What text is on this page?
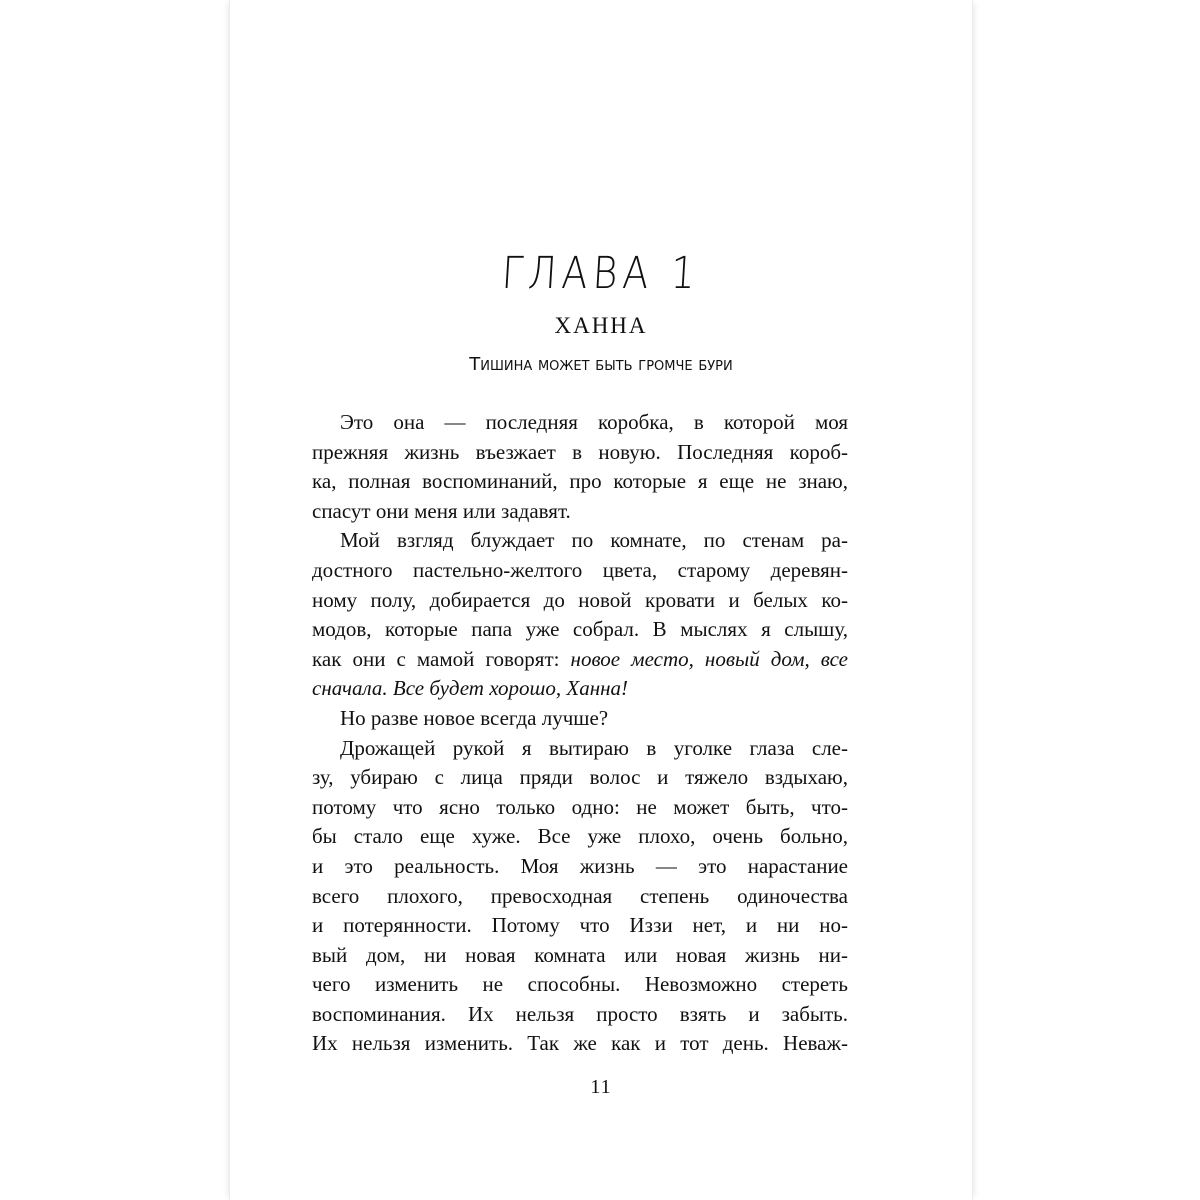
ГЛАВА 1
ХАННА
Тишина может быть громче бури
Это она — последняя коробка, в которой моя
прежняя жизнь въезжает в новую. Последняя короб-
ка, полная воспоминаний, про которые я еще не знаю,
спасут они меня или задавят.
Мой взгляд блуждает по комнате, по стенам ра-
достного пастельно-желтого цвета, старому деревян-
ному полу, добирается до новой кровати и белых ко-
модов, которые папа уже собрал. В мыслях я слышу,
как они с мамой говорят: новое место, новый дом, все
сначала. Все будет хорошо, Ханна!
Но разве новое всегда лучше?
Дрожащей рукой я вытираю в уголке глаза сле-
зу, убираю с лица пряди волос и тяжело вздыхаю,
потому что ясно только одно: не может быть, что-
бы стало еще хуже. Все уже плохо, очень больно,
и это реальность. Моя жизнь — это нарастание
всего плохого, превосходная степень одиночества
и потерянности. Потому что Иззи нет, и ни но-
вый дом, ни новая комната или новая жизнь ни-
чего изменить не способны. Невозможно стереть
воспоминания. Их нельзя просто взять и забыть.
Их нельзя изменить. Так же как и тот день. Неваж-
11
